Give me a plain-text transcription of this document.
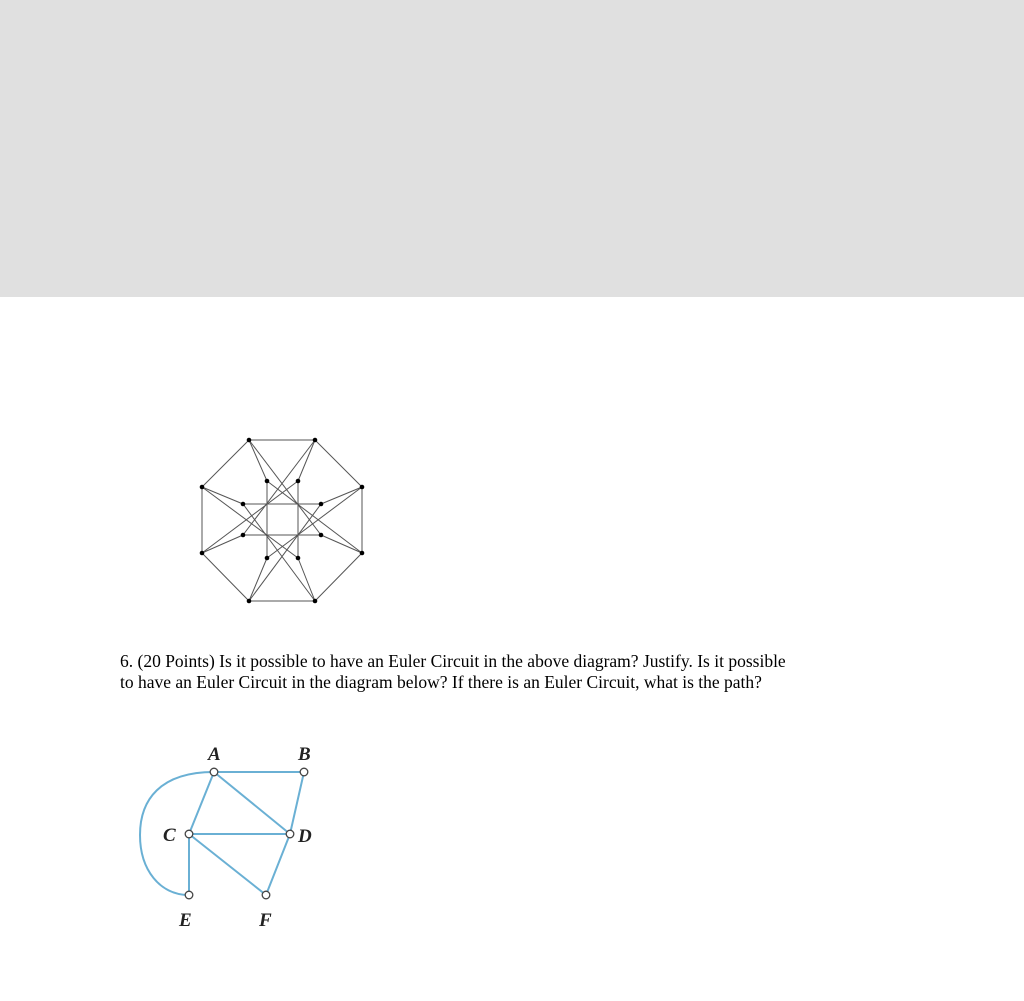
6. (20 Points) Is it possible to have an Euler Circuit in the above diagram? Justify. Is it possible
to have an Euler Circuit in the diagram below? If there is an Euler Circuit, what is the path?
A	B
C	D
E	F
